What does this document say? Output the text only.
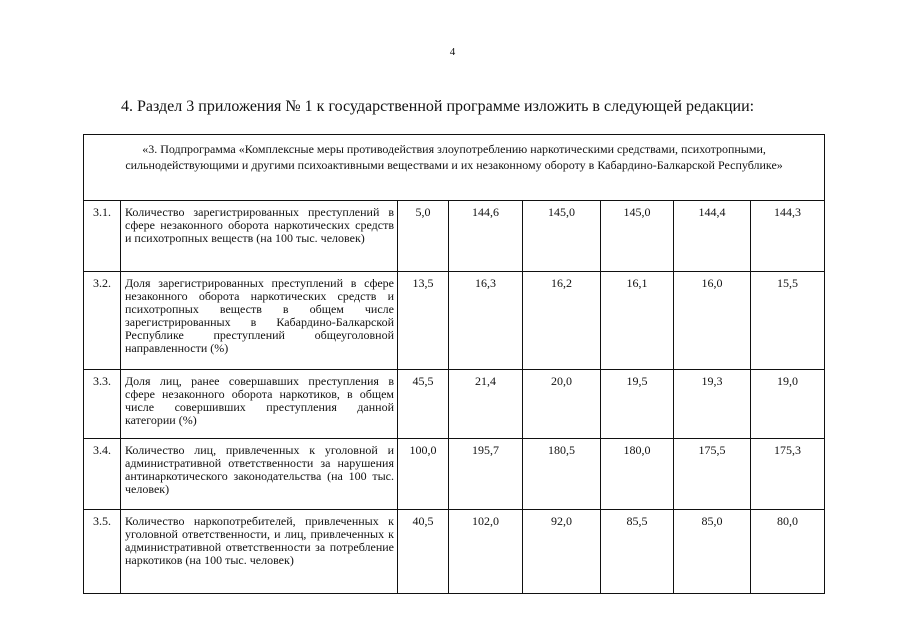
4
4. Раздел 3 приложения № 1 к государственной программе изложить в следующей редакции:
«3. Подпрограмма «Комплексные меры противодействия злоупотреблению наркотическими средствами, психотропными,
сильнодействующими и другими психоактивными веществами и их незаконному обороту в Кабардино-Балкарской Республике»							

3.1.	Количество зарегистрированных преступлений в сфере незаконного оборота наркотических средств и психотропных веществ (на 100 тыс. человек)	5,0	144,6	145,0	145,0	144,4	144,3
3.2.	Доля зарегистрированных преступлений в сфере незаконного оборота наркотических средств и психотропных веществ в общем числе зарегистрированных в Кабардино-Балкарской Республике преступлений общеуголовной направленности (%)	13,5	16,3	16,2	16,1	16,0	15,5
3.3.	Доля лиц, ранее совершавших преступления в сфере незаконного оборота наркотиков, в общем числе совершивших преступления данной категории (%)	45,5	21,4	20,0	19,5	19,3	19,0
3.4.	Количество лиц, привлеченных к уголовной и административной ответственности за нарушения антинаркотического законодательства (на 100 тыс. человек)	100,0	195,7	180,5	180,0	175,5	175,3
3.5.	Количество наркопотребителей, привлеченных к уголовной ответственности, и лиц, привлеченных к административной ответственности за потребление наркотиков (на 100 тыс. человек)	40,5	102,0	92,0	85,5	85,0	80,0
